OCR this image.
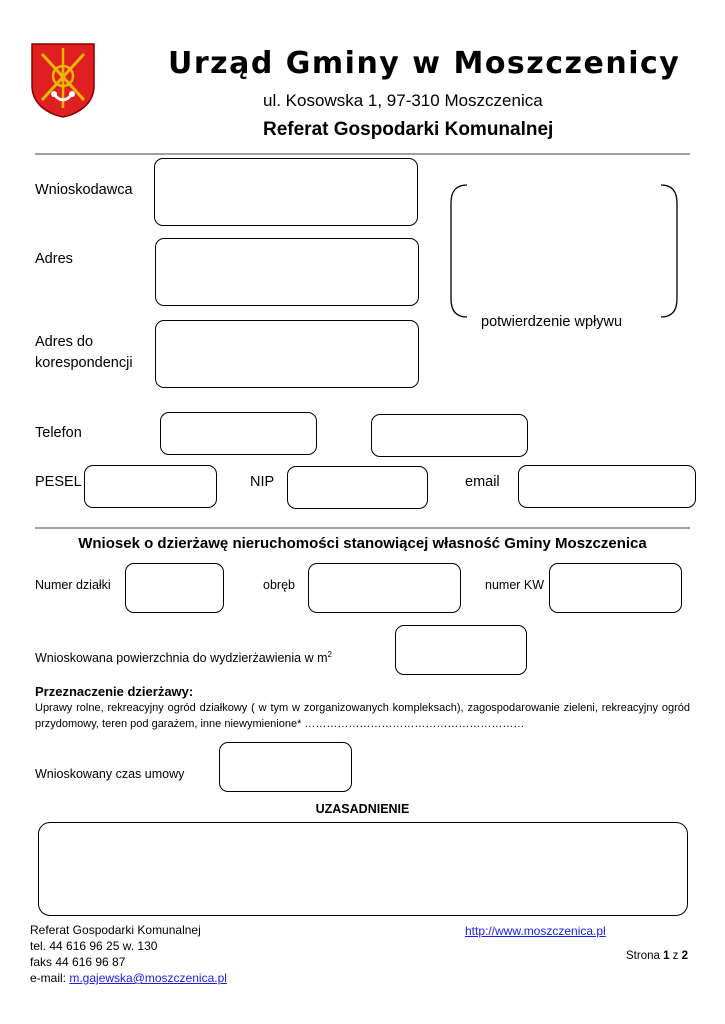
Urząd Gminy w Moszczenicy
ul. Kosowska 1, 97-310 Moszczenica
Referat Gospodarki Komunalnej
Wnioskodawca
Adres
Adres do
korespondencji
potwierdzenie wpływu
Telefon
PESEL	NIP	email
Wniosek o dzierżawę nieruchomości stanowiącej własność Gminy Moszczenica
Numer działki	obręb	numer KW
Wnioskowana powierzchnia do wydzierżawienia w $m^2$
Przeznaczenie dzierżawy:
Uprawy rolne, rekreacyjny ogród działkowy ( w tym w zorganizowanych kompleksach), zagospodarowanie zieleni, rekreacyjny ogród przydomowy, teren pod garażem, inne niewymienione* ……………………………………………………
Wnioskowany czas umowy
UZASADNIENIE
Referat Gospodarki Komunalnej
tel. 44 616 96 25 w. 130
faks 44 616 96 87
e-mail: m.gajewska@moszczenica.pl
http://www.moszczenica.pl
Strona 1 z 2
